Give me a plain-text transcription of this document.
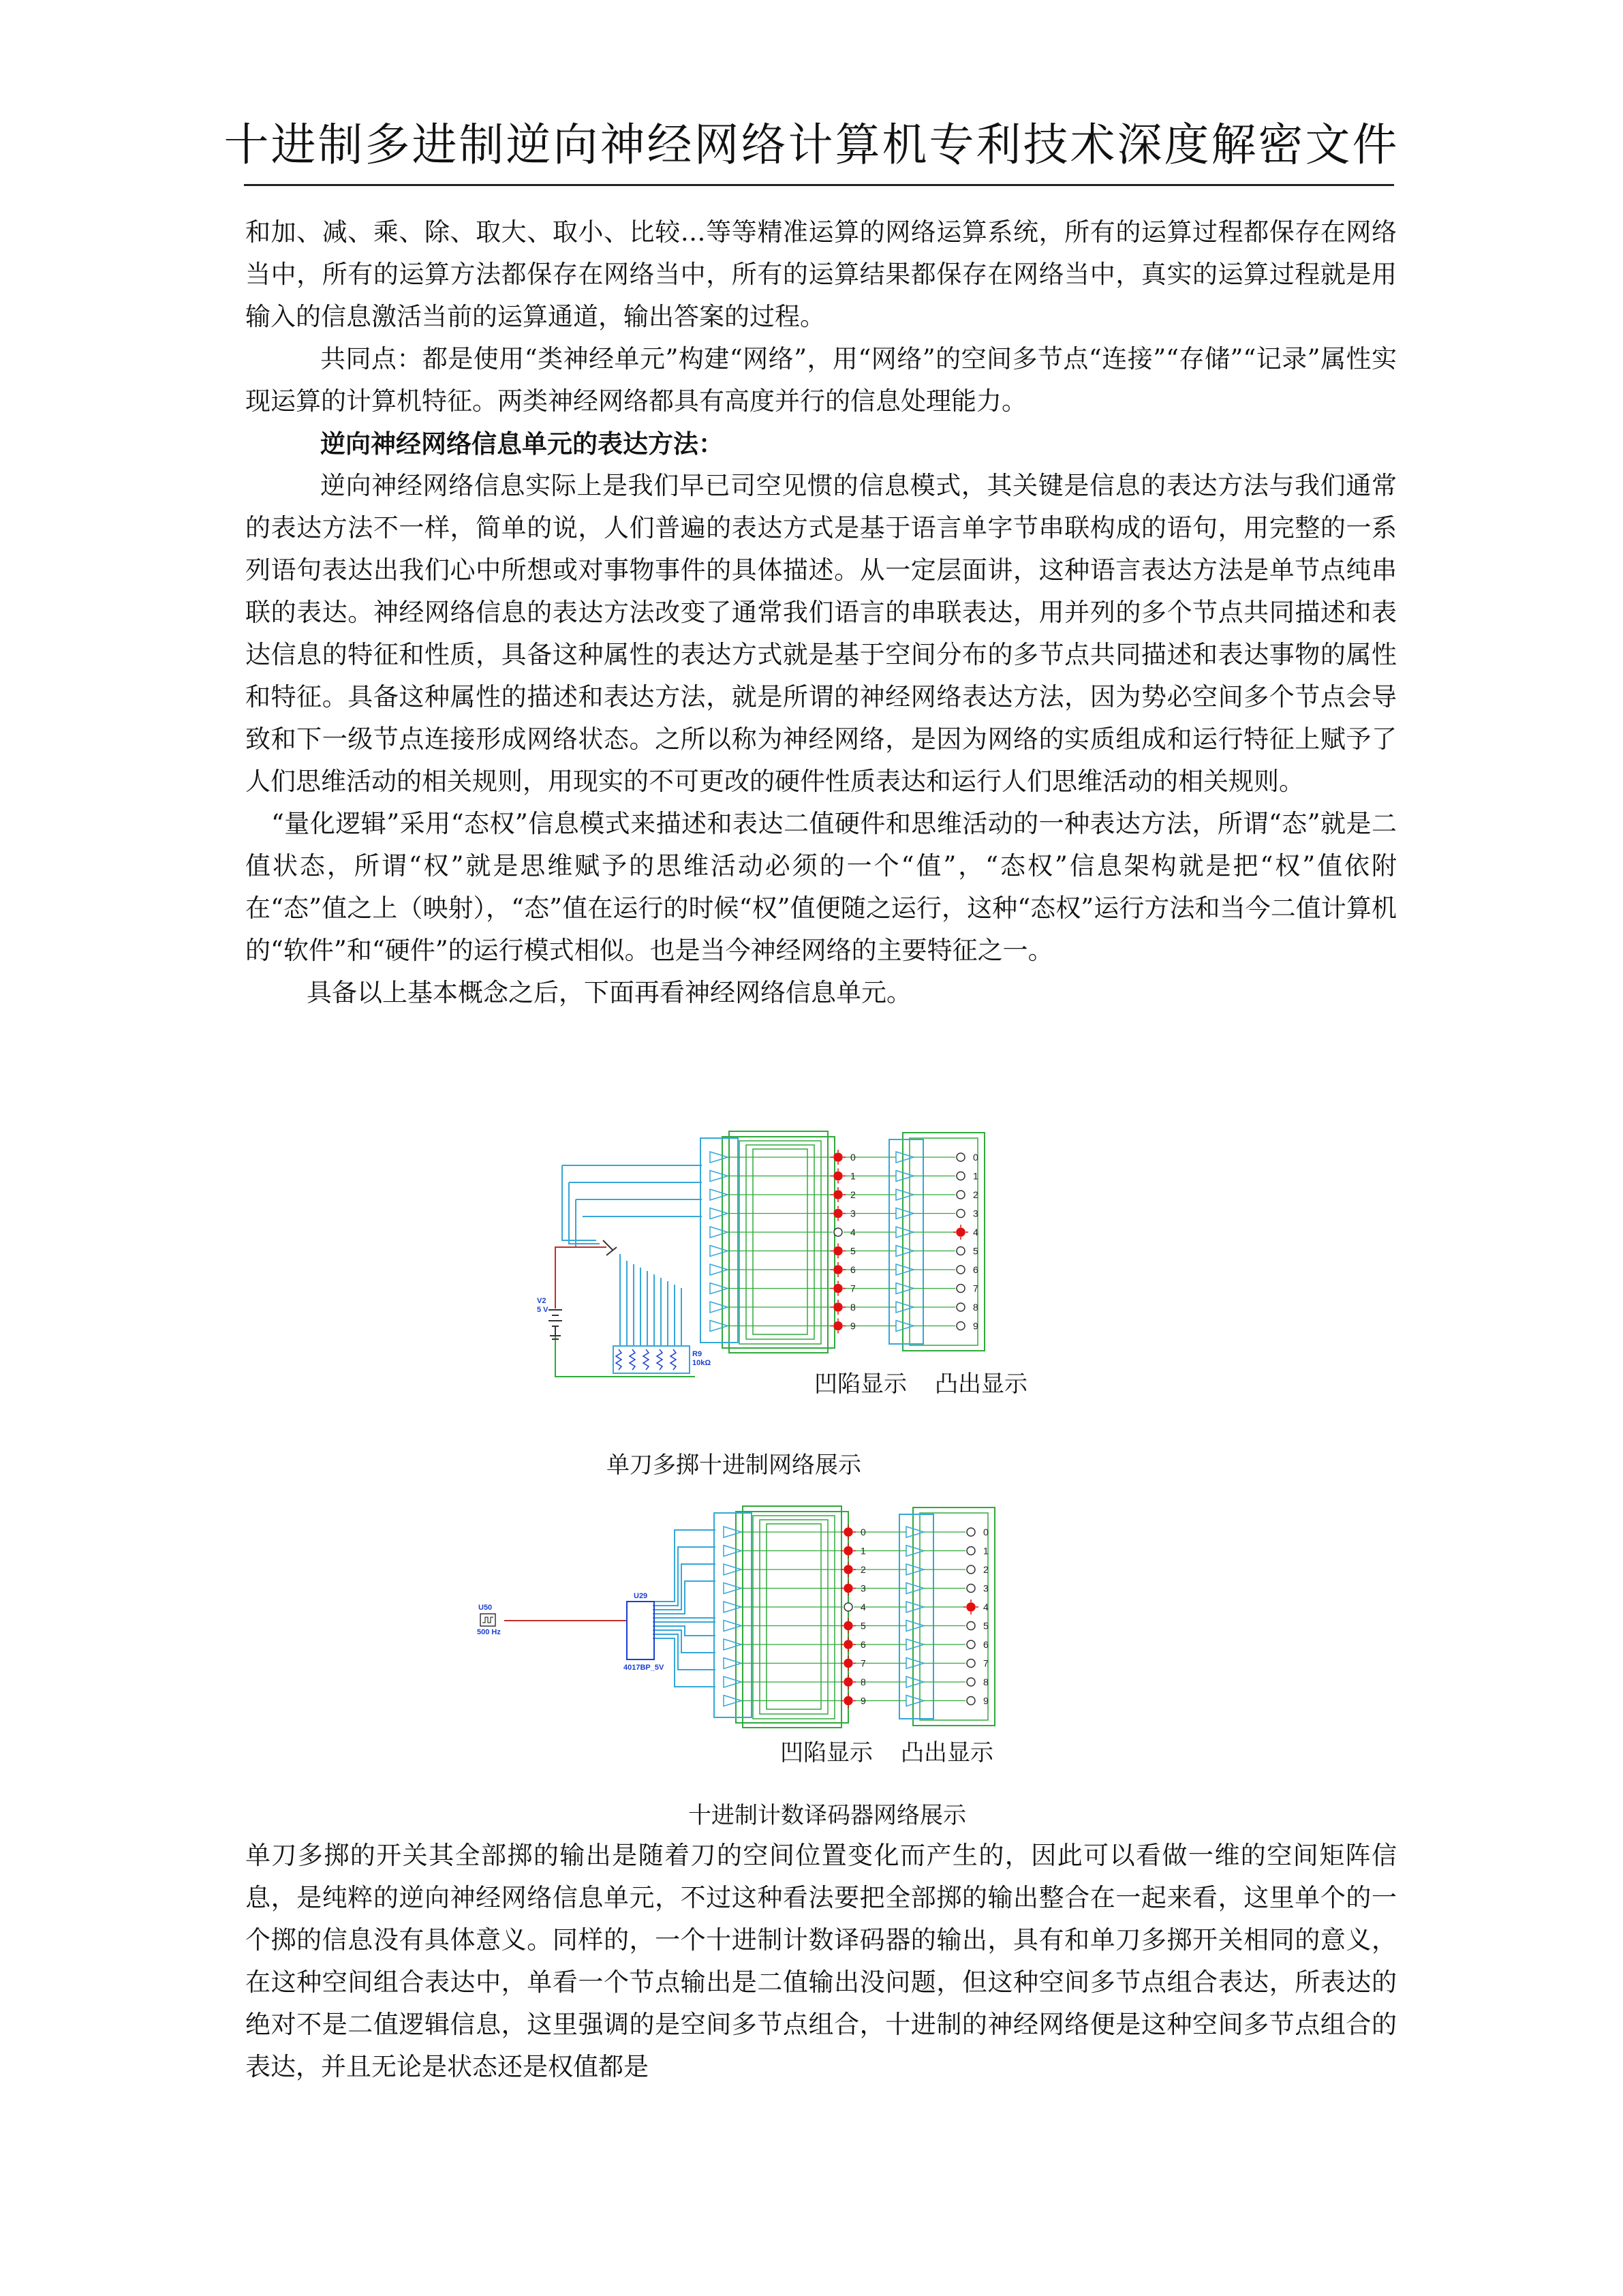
十进制多进制逆向神经网络计算机专利技术深度解密文件

和加、减、乘、除、取大、取小、比较…等等精准运算的网络运算系统，所有的运算过程都保存在网络当中，所有的运算方法都保存在网络当中，所有的运算结果都保存在网络当中，真实的运算过程就是用输入的信息激活当前的运算通道，输出答案的过程。

共同点：都是使用“类神经单元”构建“网络”，用“网络”的空间多节点“连接”“存储”“记录”属性实现运算的计算机特征。两类神经网络都具有高度并行的信息处理能力。

逆向神经网络信息单元的表达方法：

逆向神经网络信息实际上是我们早已司空见惯的信息模式，其关键是信息的表达方法与我们通常的表达方法不一样，简单的说，人们普遍的表达方式是基于语言单字节串联构成的语句，用完整的一系列语句表达出我们心中所想或对事物事件的具体描述。从一定层面讲，这种语言表达方法是单节点纯串联的表达。神经网络信息的表达方法改变了通常我们语言的串联表达，用并列的多个节点共同描述和表达信息的特征和性质，具备这种属性的表达方式就是基于空间分布的多节点共同描述和表达事物的属性和特征。具备这种属性的描述和表达方法，就是所谓的神经网络表达方法，因为势必空间多个节点会导致和下一级节点连接形成网络状态。之所以称为神经网络，是因为网络的实质组成和运行特征上赋予了人们思维活动的相关规则，用现实的不可更改的硬件性质表达和运行人们思维活动的相关规则。

“量化逻辑”采用“态权”信息模式来描述和表达二值硬件和思维活动的一种表达方法，所谓“态”就是二值状态，所谓“权”就是思维赋予的思维活动必须的一个“值”，“态权”信息架构就是把“权”值依附在“态”值之上（映射），“态”值在运行的时候“权”值便随之运行，这种“态权”运行方法和当今二值计算机的“软件”和“硬件”的运行模式相似。也是当今神经网络的主要特征之一。

具备以上基本概念之后，下面再看神经网络信息单元。

0	0
1	1
2	2
3	3
4	4
5	5
6	6
7	7
8	8
9	9
V2
5 V
R9
10kΩ
凹陷显示 凸出显示
单刀多掷十进制网络展示
0	0
1	1
2	2
3	3
4	4
5	5
6	6
7	7
8	8
9	9
U50
500 Hz
U29
4017BP_5V
凹陷显示 凸出显示
十进制计数译码器网络展示

单刀多掷的开关其全部掷的输出是随着刀的空间位置变化而产生的，因此可以看做一维的空间矩阵信息，是纯粹的逆向神经网络信息单元，不过这种看法要把全部掷的输出整合在一起来看，这里单个的一个掷的信息没有具体意义。同样的，一个十进制计数译码器的输出，具有和单刀多掷开关相同的意义，在这种空间组合表达中，单看一个节点输出是二值输出没问题，但这种空间多节点组合表达，所表达的绝对不是二值逻辑信息，这里强调的是空间多节点组合，十进制的神经网络便是这种空间多节点组合的表达，并且无论是状态还是权值都是
